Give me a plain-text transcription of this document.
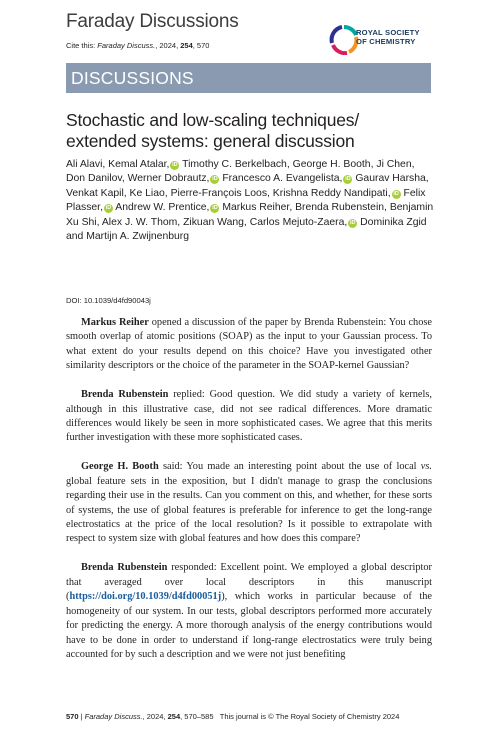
Faraday Discussions
Cite this: Faraday Discuss., 2024, 254, 570
ROYAL SOCIETY
OF CHEMISTRY
DISCUSSIONS
Stochastic and low-scaling techniques/ extended systems: general discussion
Ali Alavi, Kemal Atalar, iD Timothy C. Berkelbach, George H. Booth, Ji Chen, Don Danilov, Werner Dobrautz, iD Francesco A. Evangelista, iD Gaurav Harsha, Venkat Kapil, Ke Liao, Pierre-François Loos, Krishna Reddy Nandipati, iD Felix Plasser, iD Andrew W. Prentice, iD Markus Reiher, Brenda Rubenstein, Benjamin Xu Shi, Alex J. W. Thom, Zikuan Wang, Carlos Mejuto-Zaera, iD Dominika Zgid and Martijn A. Zwijnenburg
DOI: 10.1039/d4fd90043j

Markus Reiher opened a discussion of the paper by Brenda Rubenstein: You chose smooth overlap of atomic positions (SOAP) as the input to your Gaussian process. To what extent do your results depend on this choice? Have you investigated other similarity descriptors or the choice of the parameter in the SOAP-kernel Gaussian?

Brenda Rubenstein replied: Good question. We did study a variety of kernels, although in this illustrative case, did not see radical differences. More dramatic differences would likely be seen in more sophisticated cases. We agree that this merits further investigation with these more sophisticated cases.

George H. Booth said: You made an interesting point about the use of local vs. global feature sets in the exposition, but I didn't manage to grasp the conclusions regarding their use in the results. Can you comment on this, and whether, for these sorts of systems, the use of global features is preferable for inference to get the long-range electrostatics at the price of the local resolution? Is it possible to extrapolate with respect to system size with global features and how does this compare?

Brenda Rubenstein responded: Excellent point. We employed a global descriptor that averaged over local descriptors in this manuscript (https://doi.org/10.1039/d4fd00051j), which works in particular because of the homogeneity of our system. In our tests, global descriptors performed more accurately for predicting the energy. A more thorough analysis of the energy contributions would have to be done in order to understand if long-range electrostatics were truly being accounted for by such a description and we were not just benefiting

570 | Faraday Discuss., 2024, 254, 570–585 This journal is © The Royal Society of Chemistry 2024
